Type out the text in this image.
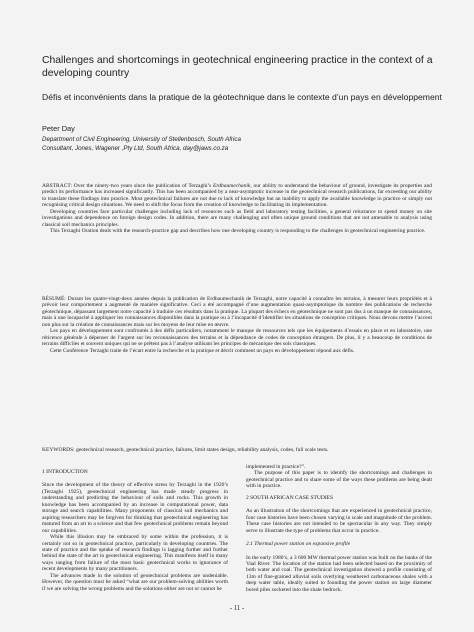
Challenges and shortcomings in geotechnical engineering practice in the context of a developing country
Défis et inconvénients dans la pratique de la géotechnique dans le contexte d’un pays en développement
Peter Day
Department of Civil Engineering, University of Stellenbosch, South Africa
Consultant, Jones, Wagener ,Pty Ltd, South Africa, day@jaws.co.za

ABSTRACT: Over the ninety-two years since the publication of Terzaghi’s Erdbaumechanik, our ability to understand the behaviour of ground, investigate its properties and predict its performance has increased significantly. This has been accompanied by a near-asymptotic increase in the geotechnical research publications, far exceeding our ability to translate these findings into practice. Most geotechnical failures are not due to lack of knowledge but an inability to apply the available knowledge in practice or simply not recognising critical design situations. We need to shift the focus from the creation of knowledge to facilitating its implementation.

Developing countries face particular challenges including lack of resources such as field and laboratory testing facilities, a general reluctance to spend money on site investigations and dependence on foreign design codes. In addition, there are many challenging and often unique ground conditions that are not amenable to analysis using classical soil mechanics principles.

This Terzaghi Oration deals with the research-practice gap and describes how one developing country is responding to the challenges in geotechnical engineering practice.

RÉSUMÉ: Durant les quatre-vingt-deux années depuis la publication de Erdbaumechanik de Terzaghi, notre capacité à connaître les terrains, à mesurer leurs propriétés et à prévoir leur comportement a augmenté de manière significative. Ceci a été accompagné d’une augmentation quasi-asymptotique du nombre des publications de recherche géotechnique, dépassant largement notre capacité à traduire ces résultats dans la pratique. La plupart des échecs en géotechnique ne sont pas dus à un manque de connaissances, mais à une incapacité à appliquer les connaissances disponibles dans la pratique ou à l’incapacité d’identifier les situations de conception critiques. Nous devons mettre l’accent non plus sur la création de connaissances mais sur les moyens de leur mise en œuvre.

Les pays en développement sont confrontés à des défis particuliers, notamment le manque de ressources tels que les équipements d’essais en place et en laboratoire, une réticence générale à dépenser de l’argent sur les reconnaissances des terrains et la dépendance de codes de conception étrangers. De plus, il y a beaucoup de conditions de terrains difficiles et souvent uniques qui ne se prêtent pas à l’analyse utilisant les principes de mécanique des sols classiques.

Cette Conférence Terzaghi traite de l’écart entre la recherche et la pratique et décrit comment un pays en développement répond aux défis.

KEYWORDS: geotechnical research, geotechnical practice, failures, limit states design, reliability analysis, codes, full scale tests.
1 INTRODUCTION

Since the development of the theory of effective stress by Terzaghi in the 1920’s (Terzaghi 1925), geotechnical engineering has made steady progress in understanding and predicting the behaviour of soils and rocks. This growth in knowledge has been accompanied by an increase in computational power, data storage and search capabilities. Many proponents of classical soil mechanics and aspiring researchers may be forgiven for thinking that geotechnical engineering has matured from an art to a science and that few geotechnical problems remain beyond our capabilities.

While this illusion may be embraced by some within the profession, it is certainly not so in geotechnical practice, particularly in developing countries. The state of practice and the uptake of research findings is lagging further and further behind the state of the art in geotechnical engineering. This manifests itself in many ways ranging from failure of the most basic geotechnical works to ignorance of recent developments by many practitioners.

The advances made in the solution of geotechnical problems are undeniable. However, the question must be asked “what are our problem-solving abilities worth if we are solving the wrong problems and the solutions either are not or cannot be

implemented in practice?”.

The purpose of this paper is to identify the shortcomings and challenges in geotechnical practice and to share some of the ways these problems are being dealt with in practice.

2 SOUTH AFRICAN CASE STUDIES

As an illustration of the shortcomings that are experienced in geotechnical practice, four case histories have been chosen varying in scale and magnitude of the problem. These case histories are not intended to be spectacular in any way. They simply serve to illustrate the type of problems that occur in practice.

2.1 Thermal power station on expansive profile

In the early 1980’s, a 3 600 MW thermal power station was built on the banks of the Vaal River. The location of the station had been selected based on the proximity of both water and coal. The geotechnical investigation showed a profile consisting of 13m of fine-grained alluvial soils overlying weathered carbonaceous shales with a deep water table, ideally suited to founding the power station on large diameter bored piles socketed into the shale bedrock.

- 11 -
